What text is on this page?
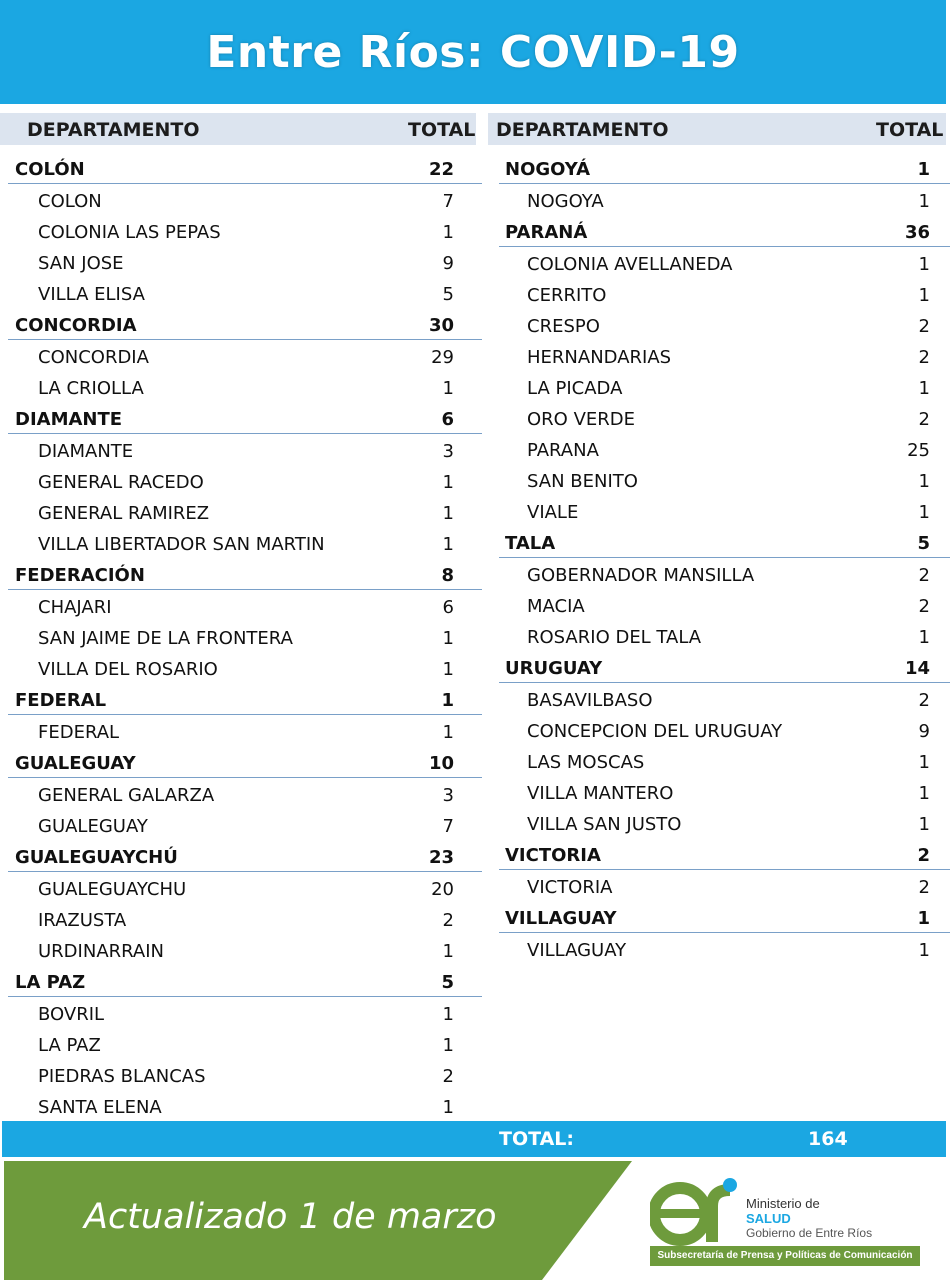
Entre Ríos: COVID-19
DEPARTAMENTO	TOTAL DEPARTAMENTO	TOTAL
COLÓN	22
COLON	7
COLONIA LAS PEPAS	1
SAN JOSE	9
VILLA ELISA	5
CONCORDIA	30
CONCORDIA	29
LA CRIOLLA	1
DIAMANTE	6
DIAMANTE	3
GENERAL RACEDO	1
GENERAL RAMIREZ	1
VILLA LIBERTADOR SAN MARTIN	1
FEDERACIÓN	8
CHAJARI	6
SAN JAIME DE LA FRONTERA	1
VILLA DEL ROSARIO	1
FEDERAL	1
FEDERAL	1
GUALEGUAY	10
GENERAL GALARZA	3
GUALEGUAY	7
GUALEGUAYCHÚ	23
GUALEGUAYCHU	20
IRAZUSTA	2
URDINARRAIN	1
LA PAZ	5
BOVRIL	1
LA PAZ	1
PIEDRAS BLANCAS	2
SANTA ELENA	1
NOGOYÁ	1
NOGOYA	1
PARANÁ	36
COLONIA AVELLANEDA	1
CERRITO	1
CRESPO	2
HERNANDARIAS	2
LA PICADA	1
ORO VERDE	2
PARANA	25
SAN BENITO	1
VIALE	1
TALA	5
GOBERNADOR MANSILLA	2
MACIA	2
ROSARIO DEL TALA	1
URUGUAY	14
BASAVILBASO	2
CONCEPCION DEL URUGUAY	9
LAS MOSCAS	1
VILLA MANTERO	1
VILLA SAN JUSTO	1
VICTORIA	2
VICTORIA	2
VILLAGUAY	1
VILLAGUAY	1
TOTAL:	164
Actualizado 1 de marzo	Ministerio de
SALUD
Gobierno de Entre Ríos
Subsecretaría de Prensa y Políticas de Comunicación
